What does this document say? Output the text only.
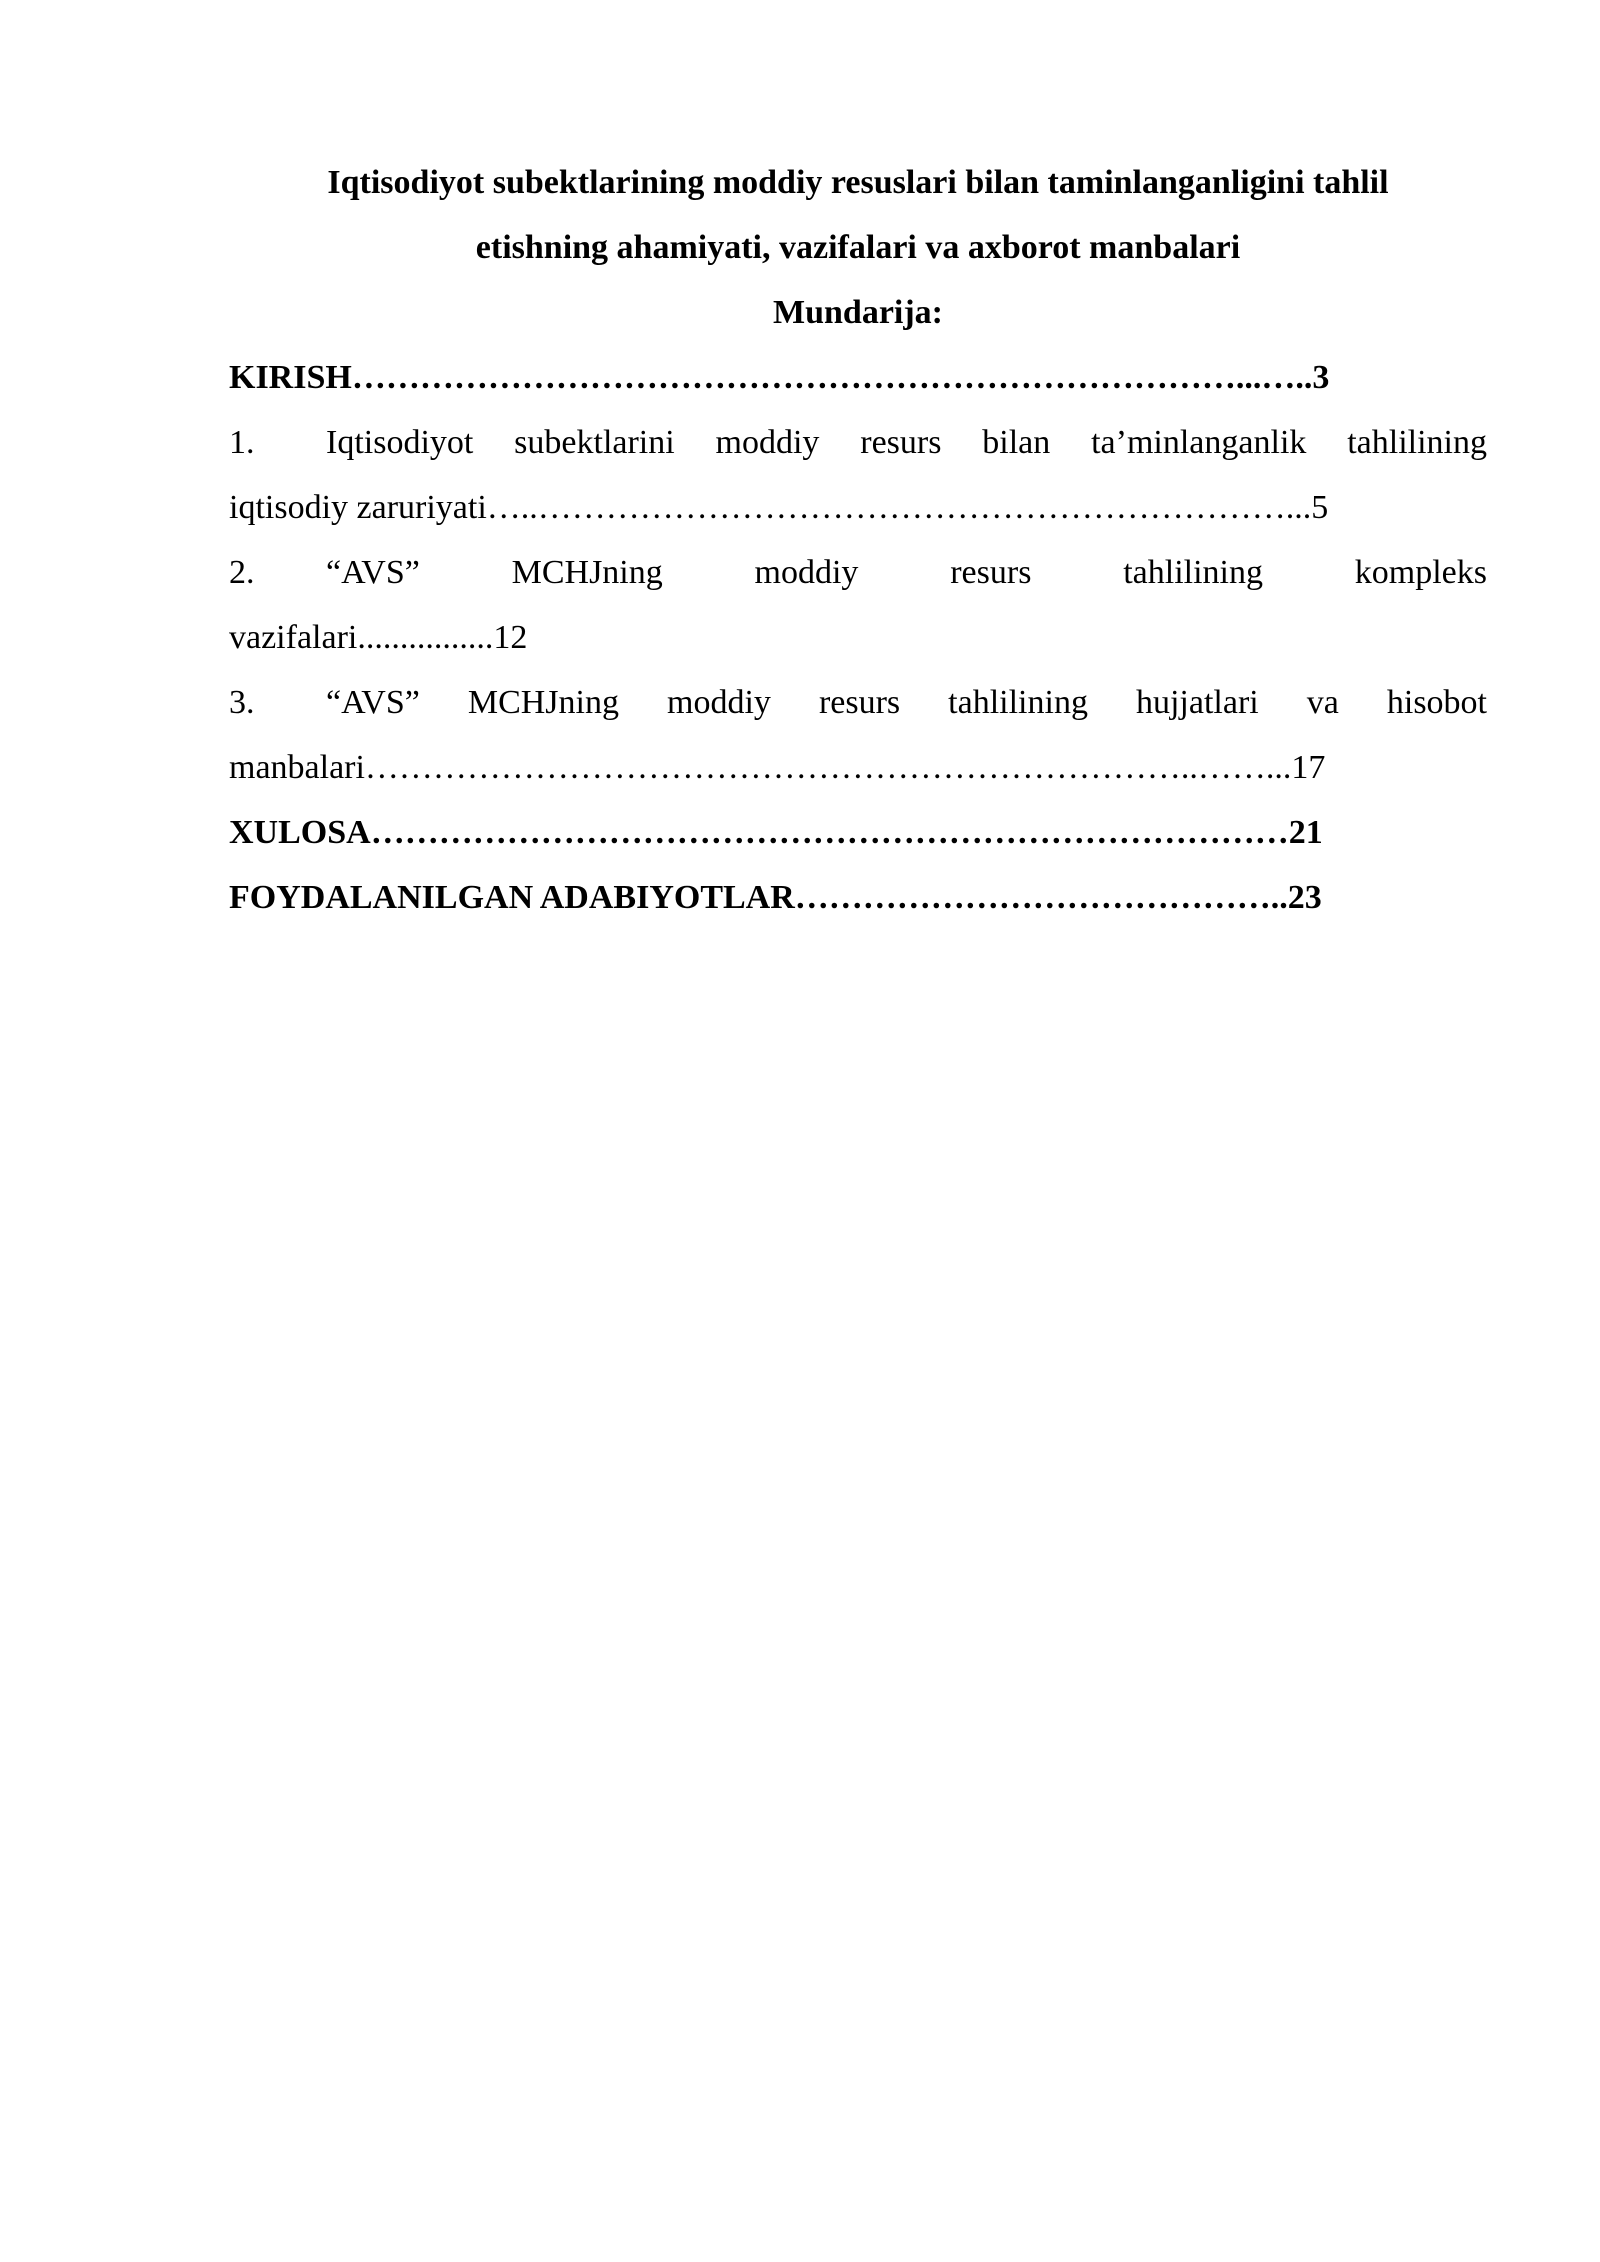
Iqtisodiyot subektlarining moddiy resuslari bilan taminlanganligini tahlil
etishning ahamiyati, vazifalari va axborot manbalari
Mundarija:

KIRISH……………………………………………………………………...…..3

1. Iqtisodiyot subektlarini moddiy resurs bilan ta’minlanganlik tahlilining

iqtisodiy zaruriyati…..…………………………………………………………...5

2. “AVS” MCHJning moddiy resurs tahlilining kompleks

vazifalari................12

3. “AVS” MCHJning moddiy resurs tahlilining hujjatlari va hisobot

manbalari………………………………………………………………..……...17

XULOSA………………………………………………………………………21

FOYDALANILGAN ADABIYOTLAR……………………………………..23
